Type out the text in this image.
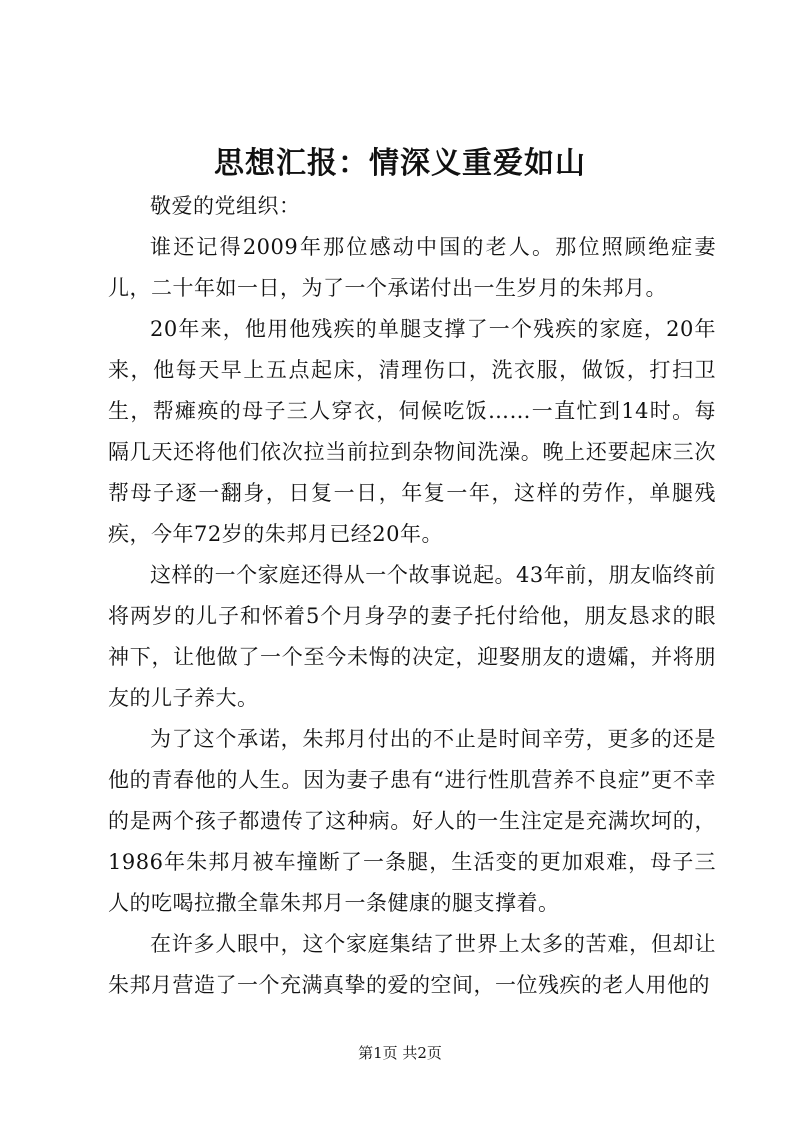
思想汇报：情深义重爱如山

敬爱的党组织：

谁还记得2009年那位感动中国的老人。那位照顾绝症妻儿，二十年如一日，为了一个承诺付出一生岁月的朱邦月。

20年来，他用他残疾的单腿支撑了一个残疾的家庭，20年来，他每天早上五点起床，清理伤口，洗衣服，做饭，打扫卫生，帮瘫痪的母子三人穿衣，伺候吃饭……一直忙到14时。每隔几天还将他们依次拉当前拉到杂物间洗澡。晚上还要起床三次帮母子逐一翻身，日复一日，年复一年，这样的劳作，单腿残疾，今年72岁的朱邦月已经20年。

这样的一个家庭还得从一个故事说起。43年前，朋友临终前将两岁的儿子和怀着5个月身孕的妻子托付给他，朋友恳求的眼神下，让他做了一个至今未悔的决定，迎娶朋友的遗孀，并将朋友的儿子养大。

为了这个承诺，朱邦月付出的不止是时间辛劳，更多的还是他的青春他的人生。因为妻子患有“进行性肌营养不良症”更不幸的是两个孩子都遗传了这种病。好人的一生注定是充满坎坷的，1986年朱邦月被车撞断了一条腿，生活变的更加艰难，母子三人的吃喝拉撒全靠朱邦月一条健康的腿支撑着。

在许多人眼中，这个家庭集结了世界上太多的苦难，但却让朱邦月营造了一个充满真挚的爱的空间，一位残疾的老人用他的

第1页 共2页
